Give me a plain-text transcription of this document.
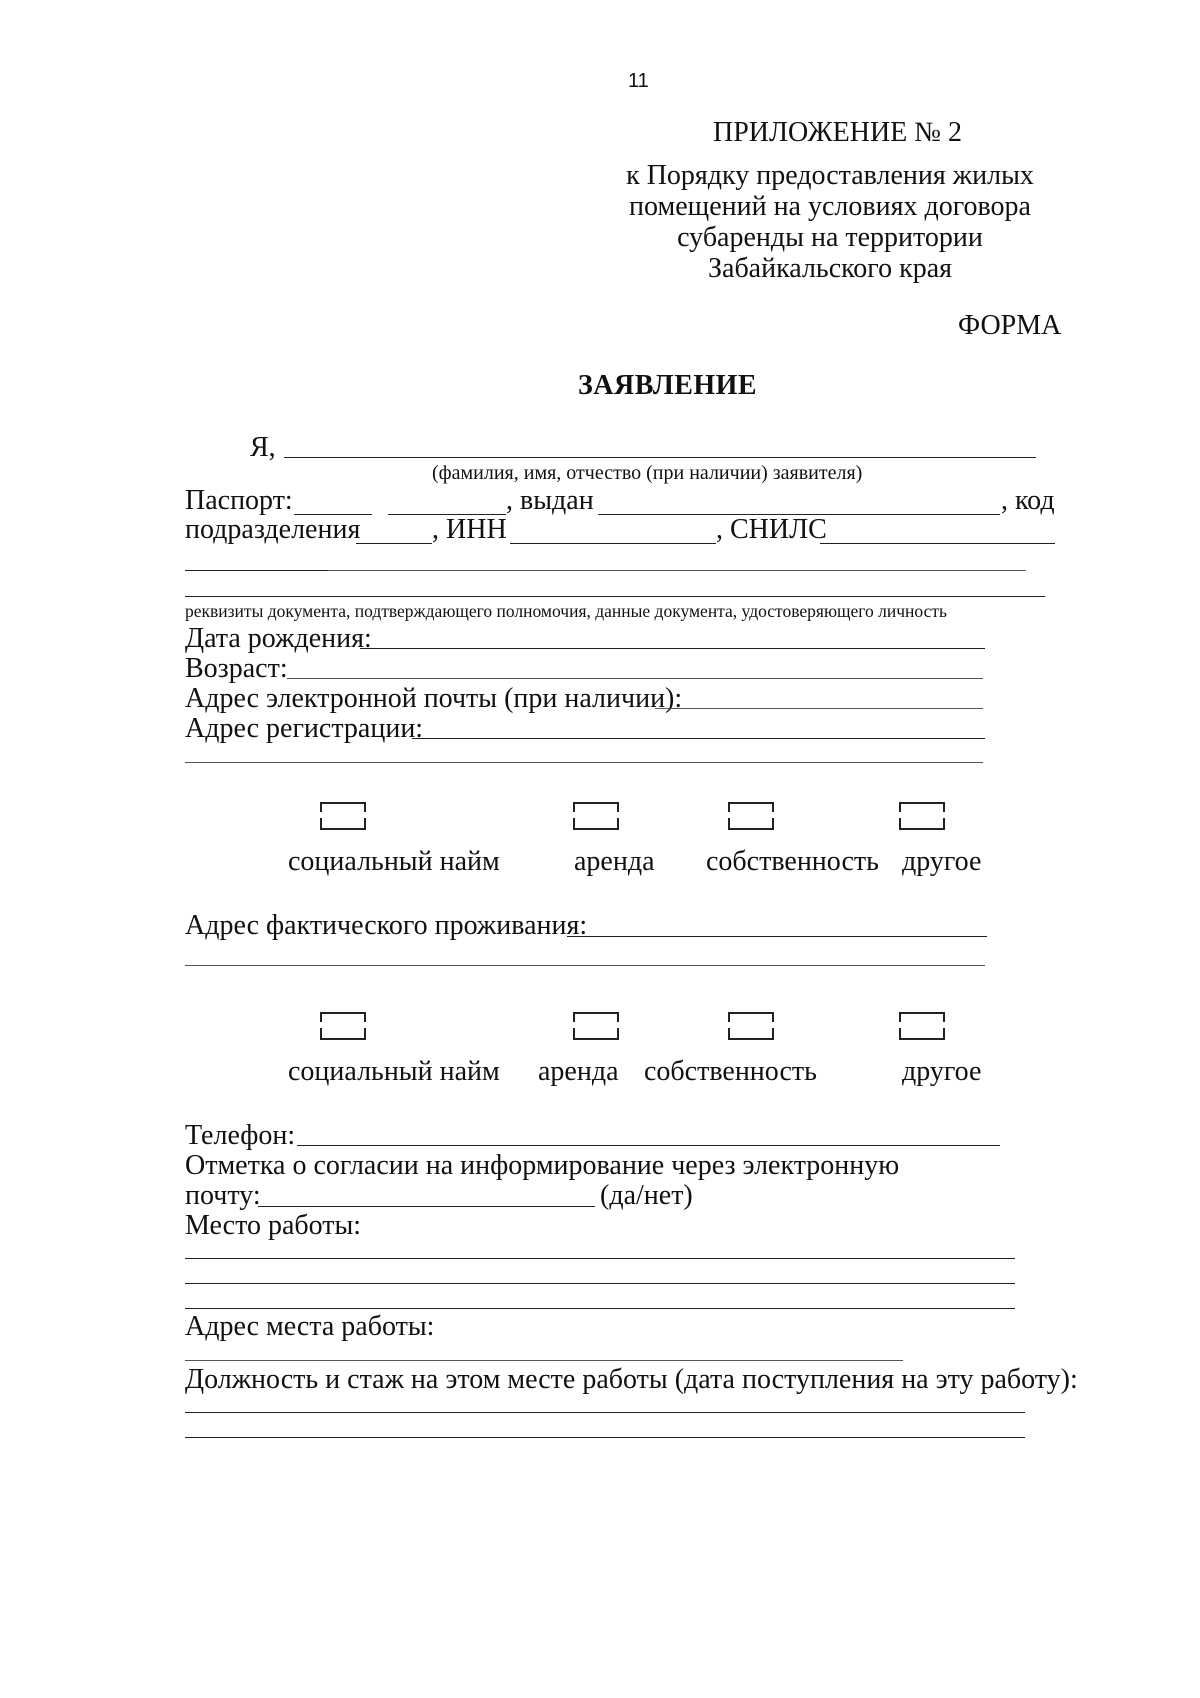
11
ПРИЛОЖЕНИЕ № 2
к Порядку предоставления жилых
помещений на условиях договора
субаренды на территории
Забайкальского края
ФОРМА
ЗАЯВЛЕНИЕ
Я,
(фамилия, имя, отчество (при наличии) заявителя)
Паспорт:	, выдан	, код
подразделения	, ИНН	, СНИЛС
реквизиты документа, подтверждающего полномочия, данные документа, удостоверяющего личность
Дата рождения:
Возраст:
Адрес электронной почты (при наличии):
Адрес регистрации:
социальный найм	аренда собственность другое
Адрес фактического проживания:
социальный найм аренда собственность	другое
Телефон:
Отметка о согласии на информирование через электронную
почту:	(да/нет)
Место работы:
Адрес места работы:
Должность и стаж на этом месте работы (дата поступления на эту работу):
